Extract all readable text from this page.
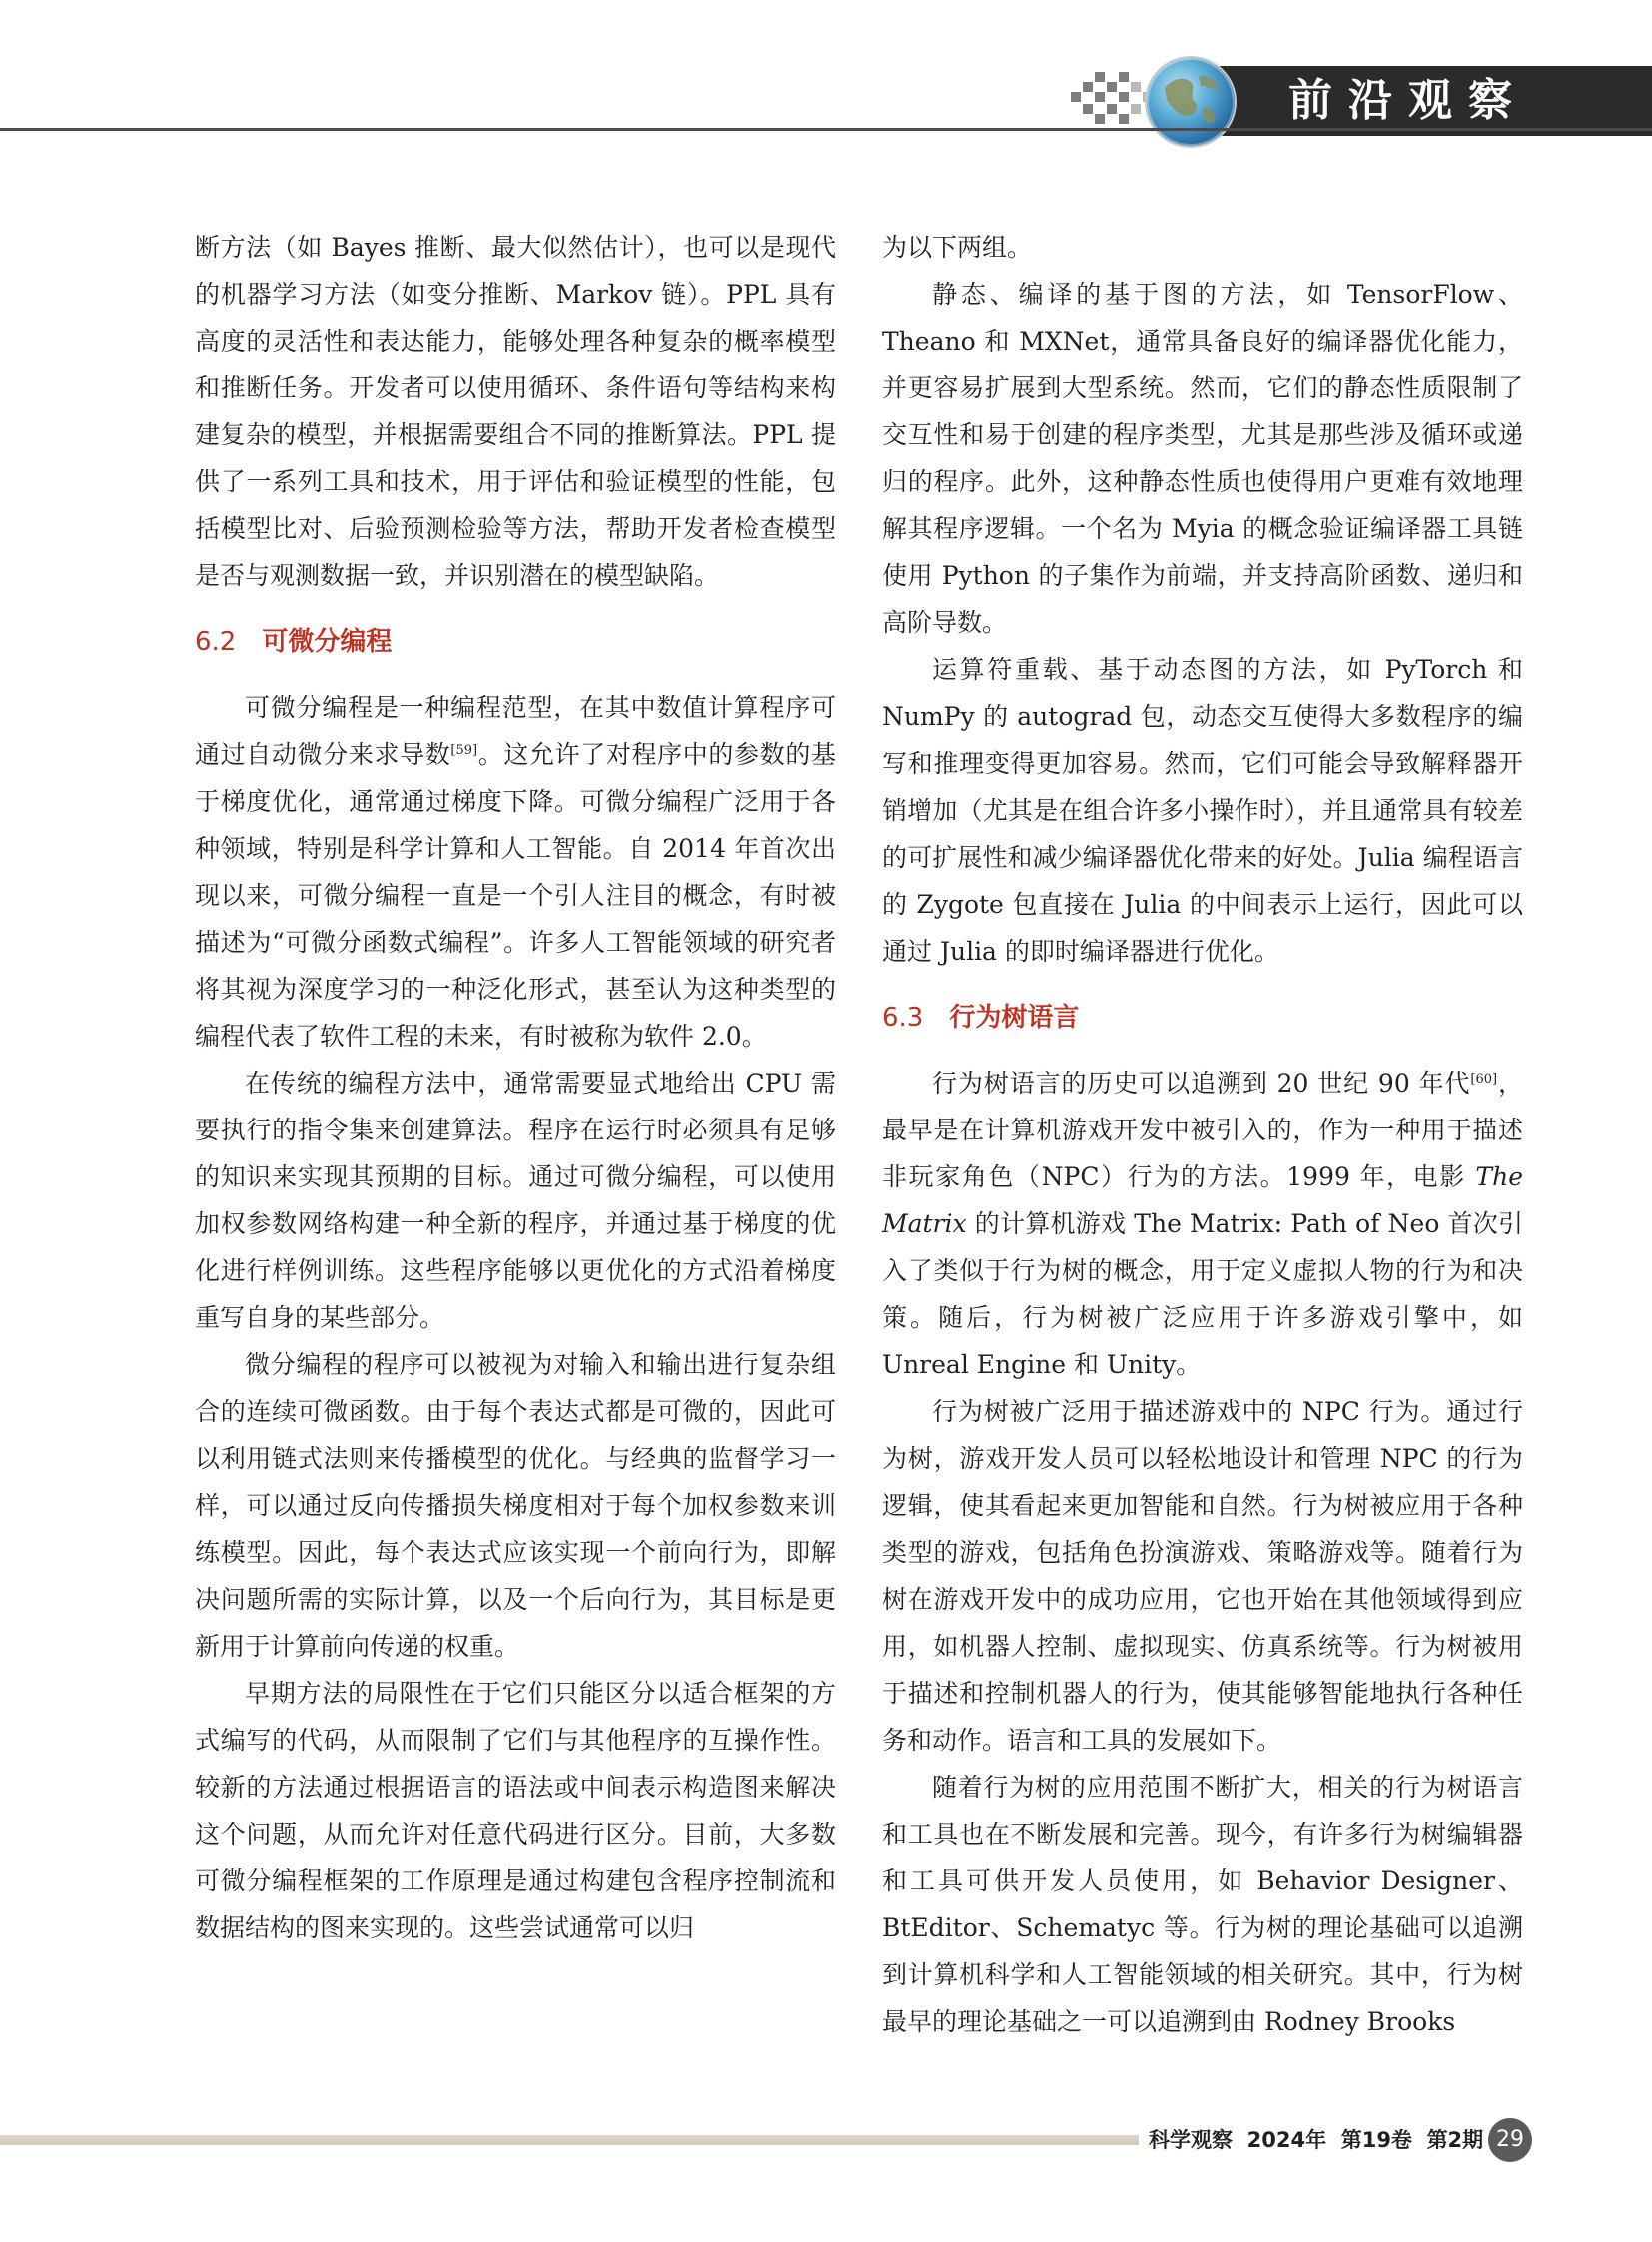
前沿观察

断方法（如 Bayes 推断、最大似然估计），也可以是现代的机器学习方法（如变分推断、Markov 链）。PPL 具有高度的灵活性和表达能力，能够处理各种复杂的概率模型和推断任务。开发者可以使用循环、条件语句等结构来构建复杂的模型，并根据需要组合不同的推断算法。PPL 提供了一系列工具和技术，用于评估和验证模型的性能，包括模型比对、后验预测检验等方法，帮助开发者检查模型是否与观测数据一致，并识别潜在的模型缺陷。

6.2 可微分编程

可微分编程是一种编程范型，在其中数值计算程序可通过自动微分来求导数[59]。这允许了对程序中的参数的基于梯度优化，通常通过梯度下降。可微分编程广泛用于各种领域，特别是科学计算和人工智能。自 2014 年首次出现以来，可微分编程一直是一个引人注目的概念，有时被描述为“可微分函数式编程”。许多人工智能领域的研究者将其视为深度学习的一种泛化形式，甚至认为这种类型的编程代表了软件工程的未来，有时被称为软件 2.0。

在传统的编程方法中，通常需要显式地给出 CPU 需要执行的指令集来创建算法。程序在运行时必须具有足够的知识来实现其预期的目标。通过可微分编程，可以使用加权参数网络构建一种全新的程序，并通过基于梯度的优化进行样例训练。这些程序能够以更优化的方式沿着梯度重写自身的某些部分。

微分编程的程序可以被视为对输入和输出进行复杂组合的连续可微函数。由于每个表达式都是可微的，因此可以利用链式法则来传播模型的优化。与经典的监督学习一样，可以通过反向传播损失梯度相对于每个加权参数来训练模型。因此，每个表达式应该实现一个前向行为，即解决问题所需的实际计算，以及一个后向行为，其目标是更新用于计算前向传递的权重。

早期方法的局限性在于它们只能区分以适合框架的方式编写的代码，从而限制了它们与其他程序的互操作性。较新的方法通过根据语言的语法或中间表示构造图来解决这个问题，从而允许对任意代码进行区分。目前，大多数可微分编程框架的工作原理是通过构建包含程序控制流和数据结构的图来实现的。这些尝试通常可以归

为以下两组。

静态、编译的基于图的方法，如 TensorFlow、Theano 和 MXNet，通常具备良好的编译器优化能力，并更容易扩展到大型系统。然而，它们的静态性质限制了交互性和易于创建的程序类型，尤其是那些涉及循环或递归的程序。此外，这种静态性质也使得用户更难有效地理解其程序逻辑。一个名为 Myia 的概念验证编译器工具链使用 Python 的子集作为前端，并支持高阶函数、递归和高阶导数。

运算符重载、基于动态图的方法，如 PyTorch 和 NumPy 的 autograd 包，动态交互使得大多数程序的编写和推理变得更加容易。然而，它们可能会导致解释器开销增加（尤其是在组合许多小操作时），并且通常具有较差的可扩展性和减少编译器优化带来的好处。Julia 编程语言的 Zygote 包直接在 Julia 的中间表示上运行，因此可以通过 Julia 的即时编译器进行优化。

6.3 行为树语言

行为树语言的历史可以追溯到 20 世纪 90 年代[60]，最早是在计算机游戏开发中被引入的，作为一种用于描述非玩家角色（NPC）行为的方法。1999 年，电影 The Matrix 的计算机游戏 The Matrix: Path of Neo 首次引入了类似于行为树的概念，用于定义虚拟人物的行为和决策。随后，行为树被广泛应用于许多游戏引擎中，如 Unreal Engine 和 Unity。

行为树被广泛用于描述游戏中的 NPC 行为。通过行为树，游戏开发人员可以轻松地设计和管理 NPC 的行为逻辑，使其看起来更加智能和自然。行为树被应用于各种类型的游戏，包括角色扮演游戏、策略游戏等。随着行为树在游戏开发中的成功应用，它也开始在其他领域得到应用，如机器人控制、虚拟现实、仿真系统等。行为树被用于描述和控制机器人的行为，使其能够智能地执行各种任务和动作。语言和工具的发展如下。

随着行为树的应用范围不断扩大，相关的行为树语言和工具也在不断发展和完善。现今，有许多行为树编辑器和工具可供开发人员使用，如 Behavior Designer、BtEditor、Schematyc 等。行为树的理论基础可以追溯到计算机科学和人工智能领域的相关研究。其中，行为树最早的理论基础之一可以追溯到由 Rodney Brooks

科学观察 2024年 第19卷 第2期 29
